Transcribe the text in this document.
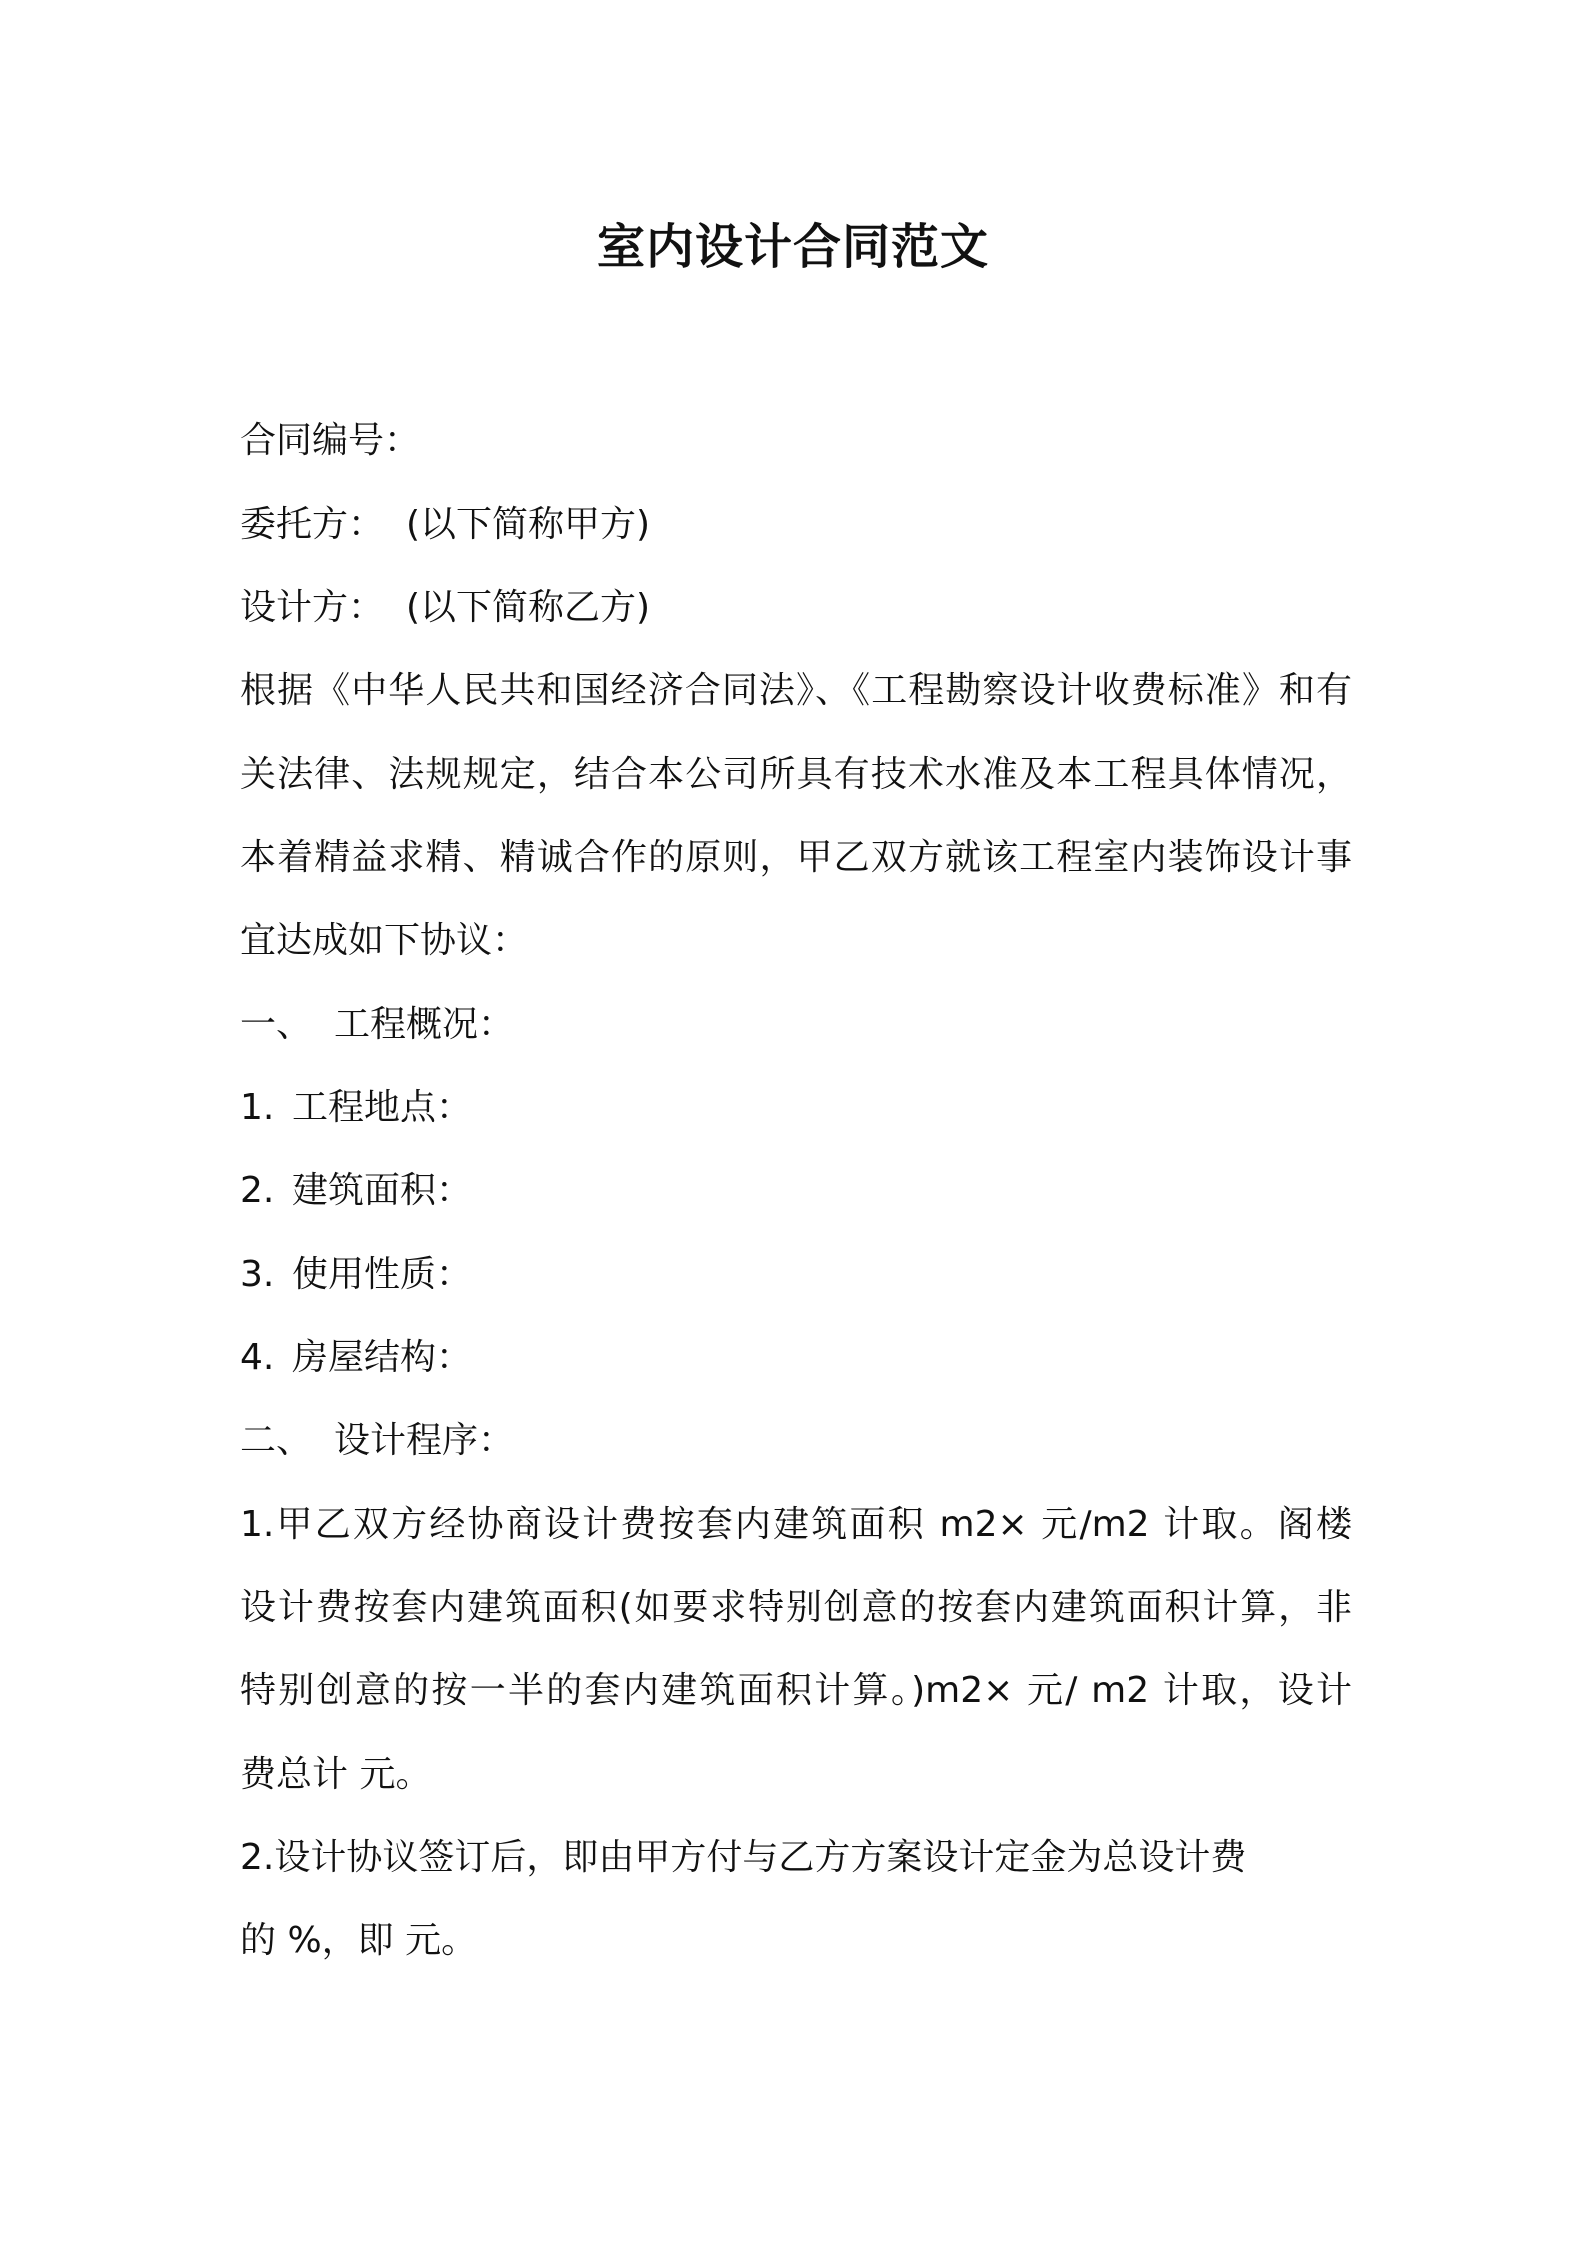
室内设计合同范文
合同编号：
委托方： (以下简称甲方)
设计方： (以下简称乙方)
根据《中华人民共和国经济合同法》、《工程勘察设计收费标准》和有
关法律、法规规定，结合本公司所具有技术水准及本工程具体情况，
本着精益求精、精诚合作的原则，甲乙双方就该工程室内装饰设计事
宜达成如下协议：
一、 工程概况：
1. 工程地点：
2. 建筑面积：
3. 使用性质：
4. 房屋结构：
二、 设计程序：
1.甲乙双方经协商设计费按套内建筑面积 m2× 元/m2 计取。阁楼
设计费按套内建筑面积(如要求特别创意的按套内建筑面积计算，非
特别创意的按一半的套内建筑面积计算。)m2× 元/ m2 计取，设计
费总计 元。
2.设计协议签订后，即由甲方付与乙方方案设计定金为总设计费
的 %，即 元。
